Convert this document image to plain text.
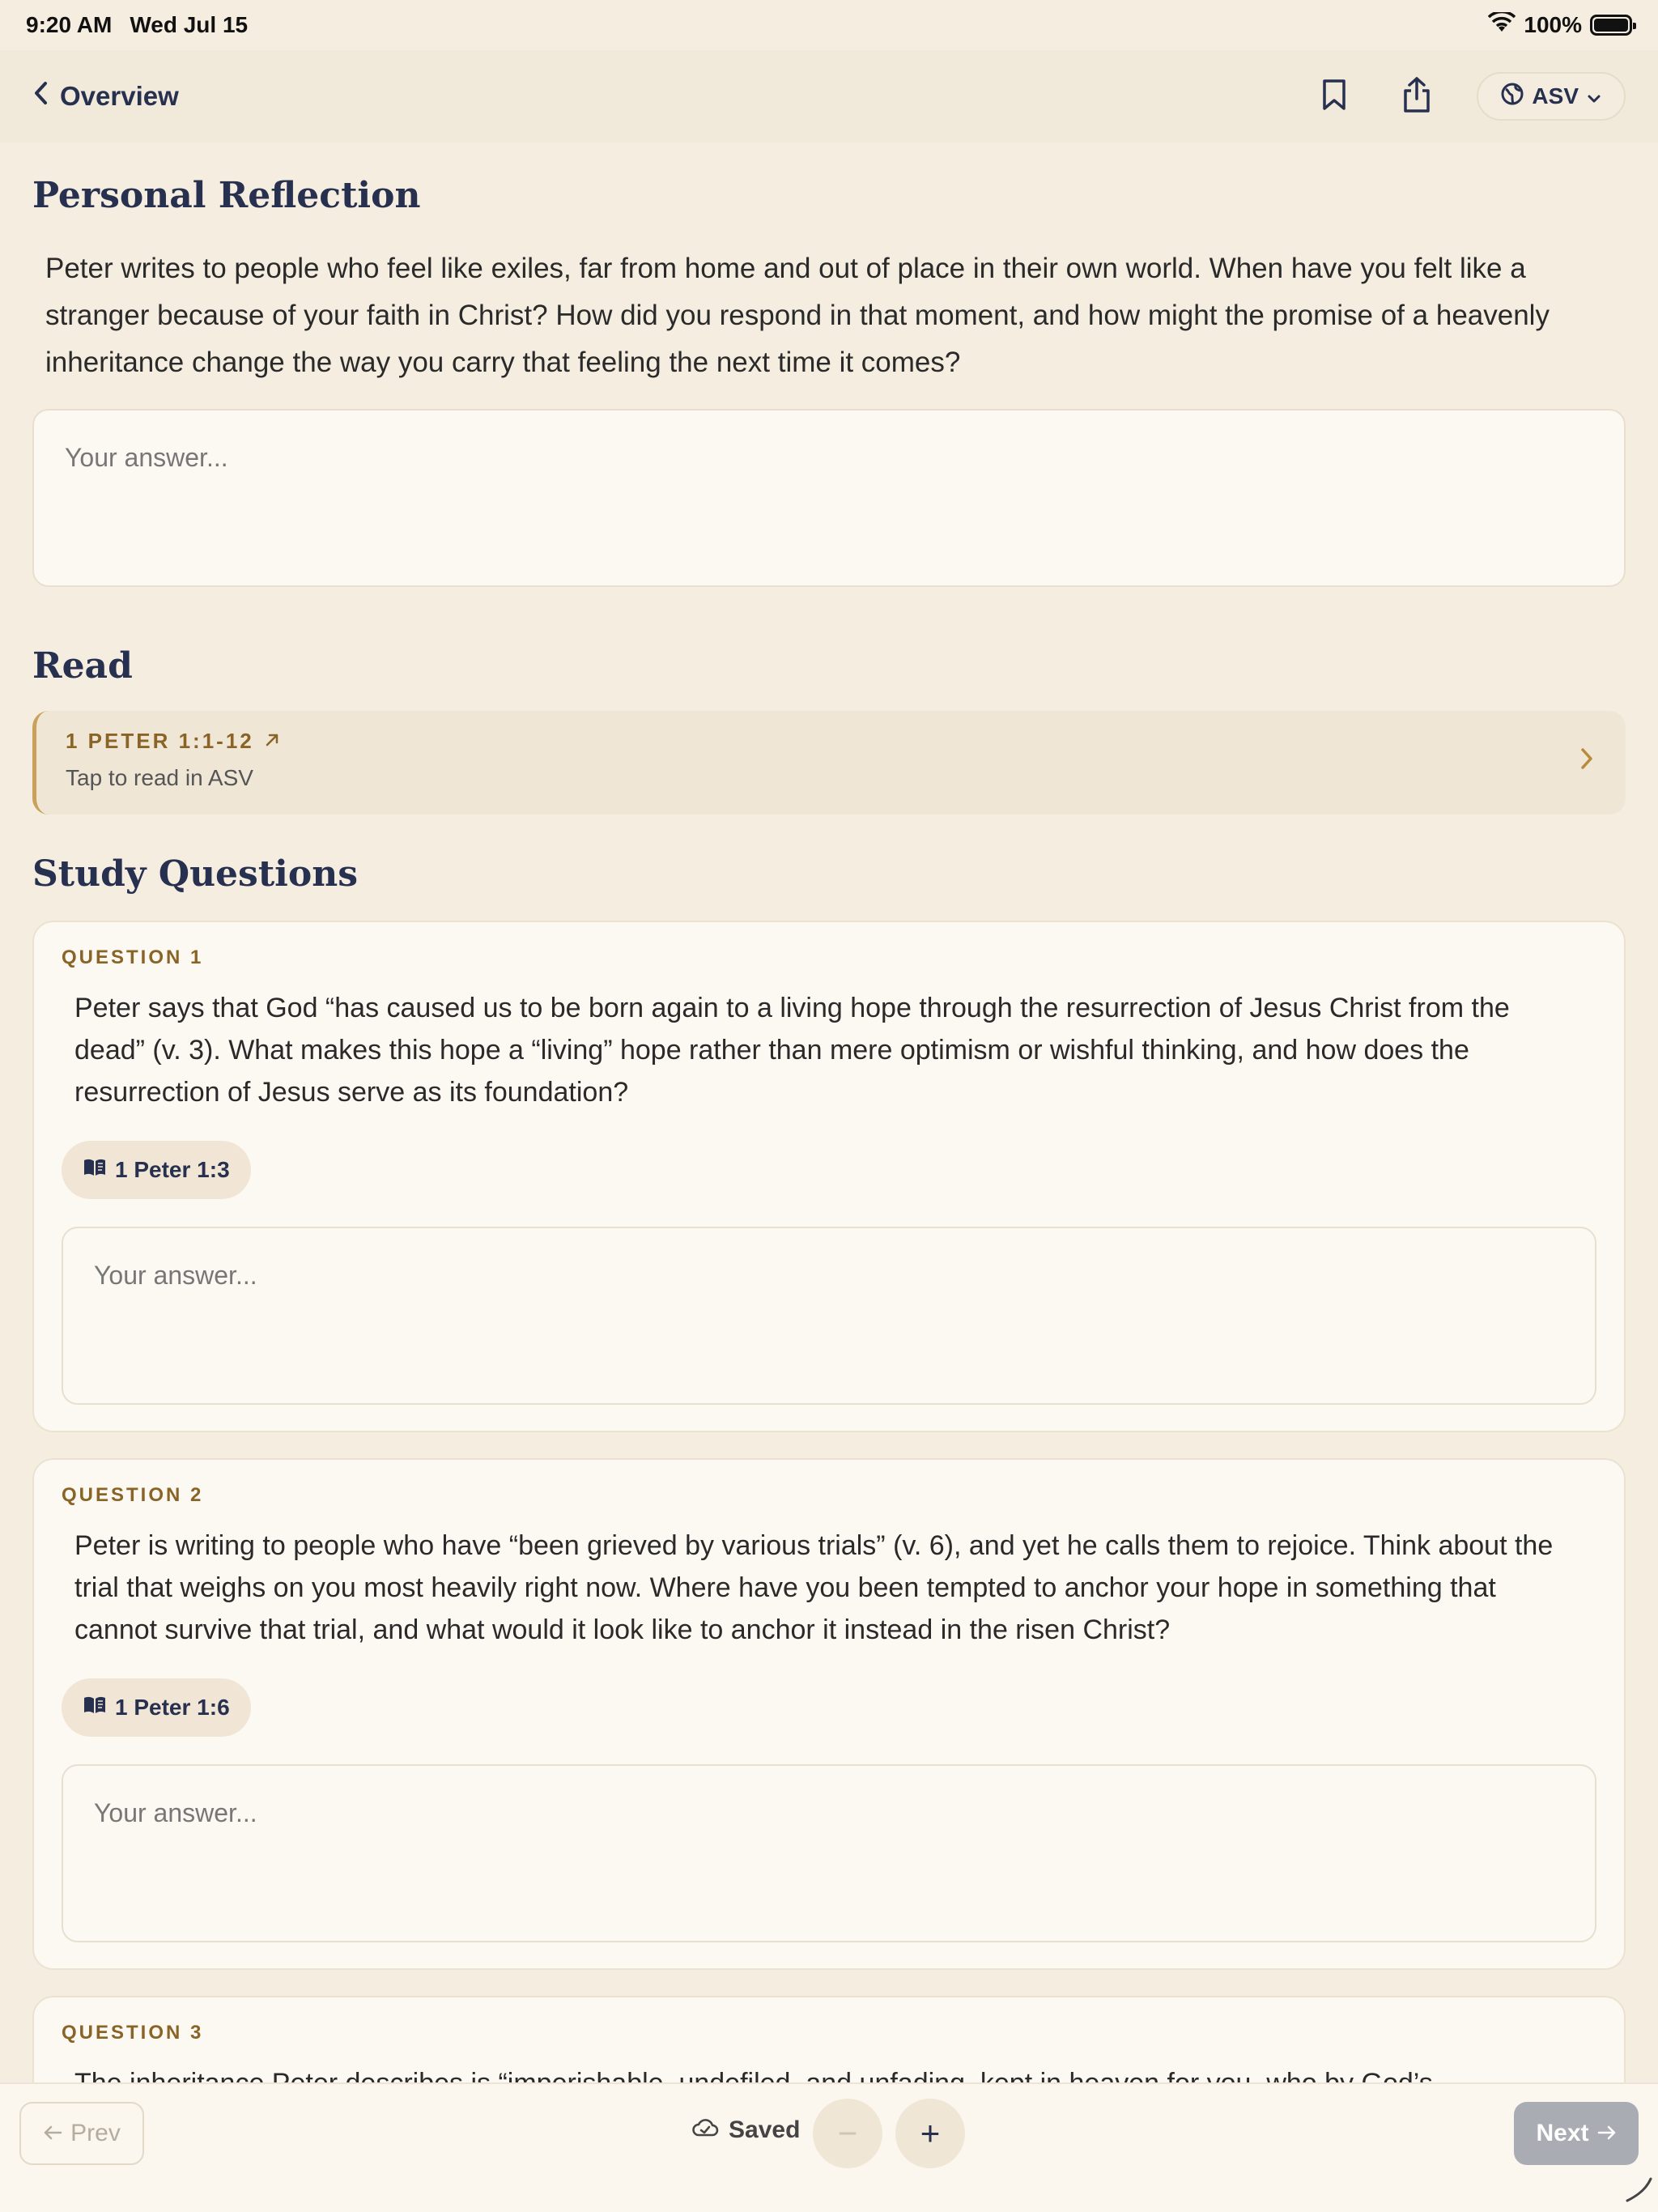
9:20 AM Wed Jul 15	100%
Overview	ASV
Personal Reflection

Peter writes to people who feel like exiles, far from home and out of place in their own world. When have you felt like a stranger because of your faith in Christ? How did you respond in that moment, and how might the promise of a heavenly inheritance change the way you carry that feeling the next time it comes?

Your answer...
Read
1 PETER 1:1-12
Tap to read in ASV
Study Questions
QUESTION 1

Peter says that God “has caused us to be born again to a living hope through the resurrection of Jesus Christ from the dead” (v. 3). What makes this hope a “living” hope rather than mere optimism or wishful thinking, and how does the resurrection of Jesus serve as its foundation?

1 Peter 1:3
Your answer...
QUESTION 2

Peter is writing to people who have “been grieved by various trials” (v. 6), and yet he calls them to rejoice. Think about the trial that weighs on you most heavily right now. Where have you been tempted to anchor your hope in something that cannot survive that trial, and what would it look like to anchor it instead in the risen Christ?

1 Peter 1:6
Your answer...
QUESTION 3

Prev	Saved − +	Next
